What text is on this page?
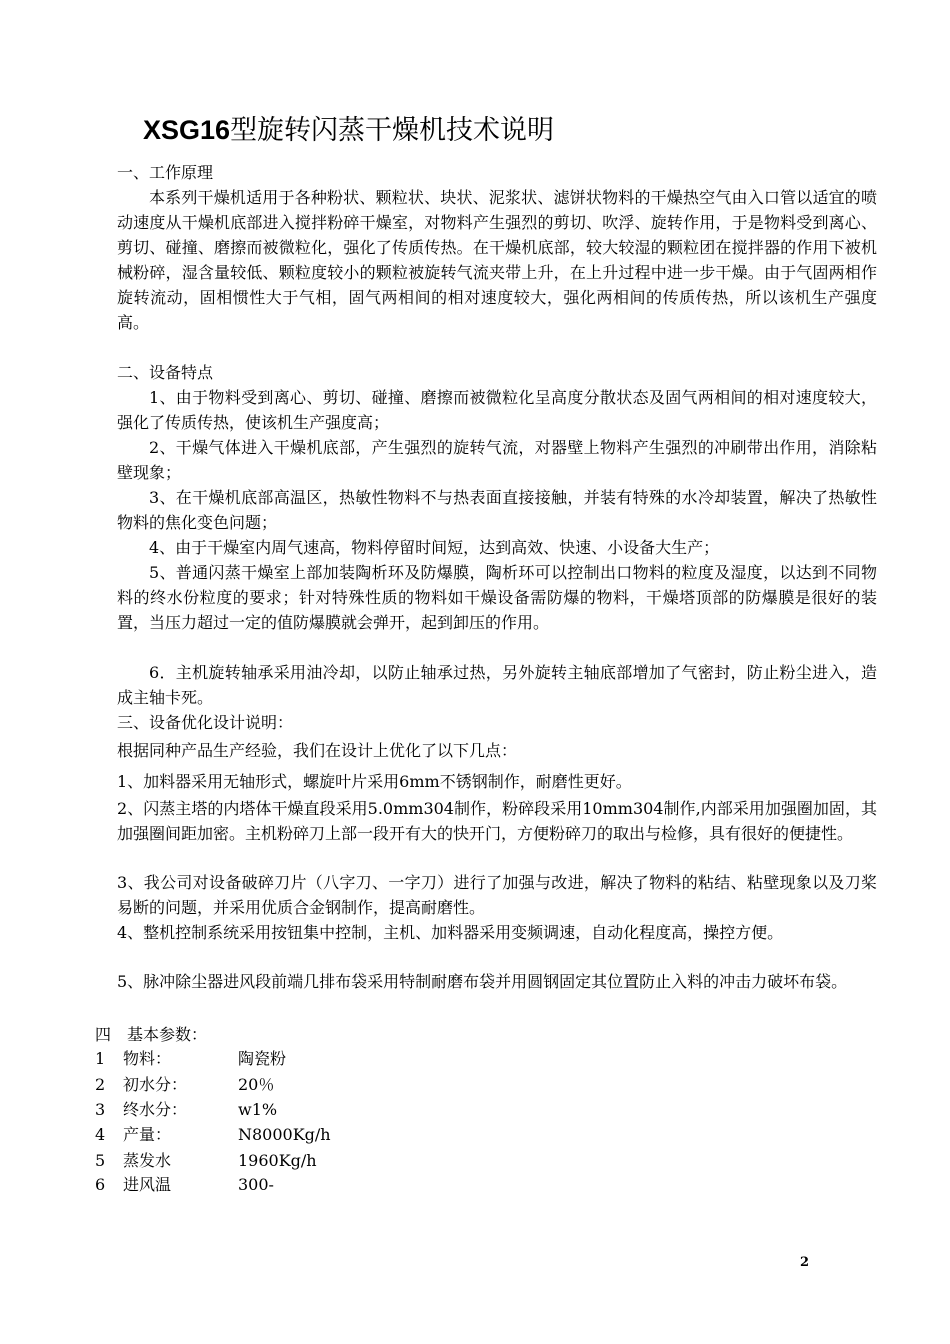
XSG16型旋转闪蒸干燥机技术说明
一、工作原理
本系列干燥机适用于各种粉状、颗粒状、块状、泥浆状、滤饼状物料的干燥热空气由入口管以适宜的喷动速度从干燥机底部进入搅拌粉碎干燥室，对物料产生强烈的剪切、吹浮、旋转作用，于是物料受到离心、剪切、碰撞、磨擦而被微粒化，强化了传质传热。在干燥机底部，较大较湿的颗粒团在搅拌器的作用下被机械粉碎，湿含量较低、颗粒度较小的颗粒被旋转气流夹带上升，在上升过程中进一步干燥。由于气固两相作旋转流动，固相惯性大于气相，固气两相间的相对速度较大，强化两相间的传质传热，所以该机生产强度高。
二、设备特点
1、由于物料受到离心、剪切、碰撞、磨擦而被微粒化呈高度分散状态及固气两相间的相对速度较大，强化了传质传热，使该机生产强度高；
2、干燥气体进入干燥机底部，产生强烈的旋转气流，对器壁上物料产生强烈的冲刷带出作用，消除粘壁现象；
3、在干燥机底部高温区，热敏性物料不与热表面直接接触，并装有特殊的水冷却装置，解决了热敏性物料的焦化变色问题；
4、由于干燥室内周气速高，物料停留时间短，达到高效、快速、小设备大生产；
5、普通闪蒸干燥室上部加装陶析环及防爆膜，陶析环可以控制出口物料的粒度及湿度，以达到不同物料的终水份粒度的要求；针对特殊性质的物料如干燥设备需防爆的物料，干燥塔顶部的防爆膜是很好的装置，当压力超过一定的值防爆膜就会弹开，起到卸压的作用。
6．主机旋转轴承采用油冷却，以防止轴承过热，另外旋转主轴底部增加了气密封，防止粉尘进入，造成主轴卡死。
三、设备优化设计说明：
根据同种产品生产经验，我们在设计上优化了以下几点：
1、加料器采用无轴形式，螺旋叶片采用6mm不锈钢制作，耐磨性更好。
2、闪蒸主塔的内塔体干燥直段采用5.0mm304制作，粉碎段采用10mm304制作,内部采用加强圈加固，其加强圈间距加密。主机粉碎刀上部一段开有大的快开门，方便粉碎刀的取出与检修，具有很好的便捷性。
3、我公司对设备破碎刀片（八字刀、一字刀）进行了加强与改进，解决了物料的粘结、粘壁现象以及刀桨易断的问题，并采用优质合金钢制作，提高耐磨性。
4、整机控制系统采用按钮集中控制，主机、加料器采用变频调速，自动化程度高，操控方便。
5、脉冲除尘器进风段前端几排布袋采用特制耐磨布袋并用圆钢固定其位置防止入料的冲击力破坏布袋。
四　基本参数：
1 物料：	陶瓷粉
2 初水分：	20％
3 终水分：	w1%
4 产量：	N8000Kg/h
5 蒸发水	1960Kg/h
6 进风温	300-
2
